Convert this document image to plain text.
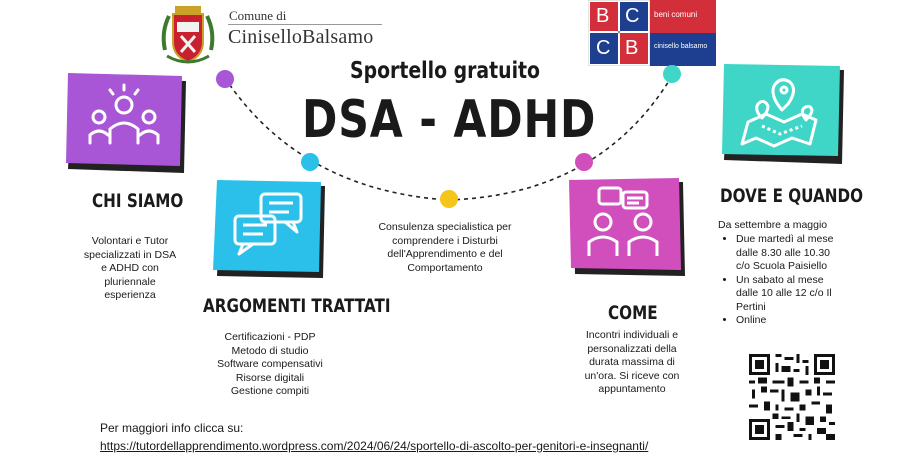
Comune di
CiniselloBalsamo	×
B C
C B
beni comuni
cinisello balsamo
Sportello gratuito
DSA - ADHD
CHI SIAMO
Volontari e Tutor
specializzati in DSA
e ADHD con
pluriennale
esperienza	ARGOMENTI TRATTATI
Certificazioni - PDP
Metodo di studio
Software compensativi
Risorse digitali
Gestione compiti
Consulenza specialistica per
comprendere i Disturbi
dell'Apprendimento e del
Comportamento
COME
Incontri individuali e
personalizzati della
durata massima di
un'ora. Si riceve con
appuntamento
DOVE E QUANDO
Da settembre a maggio
• Due martedì al mese
dalle 8.30 alle 10.30
c/o Scuola Paisiello
• Un sabato al mese
dalle 10 alle 12 c/o Il
Pertini
• Online
Per maggiori info clicca su:
https://tutordellapprendimento.wordpress.com/2024/06/24/sportello-di-ascolto-per-genitori-e-insegnanti/
